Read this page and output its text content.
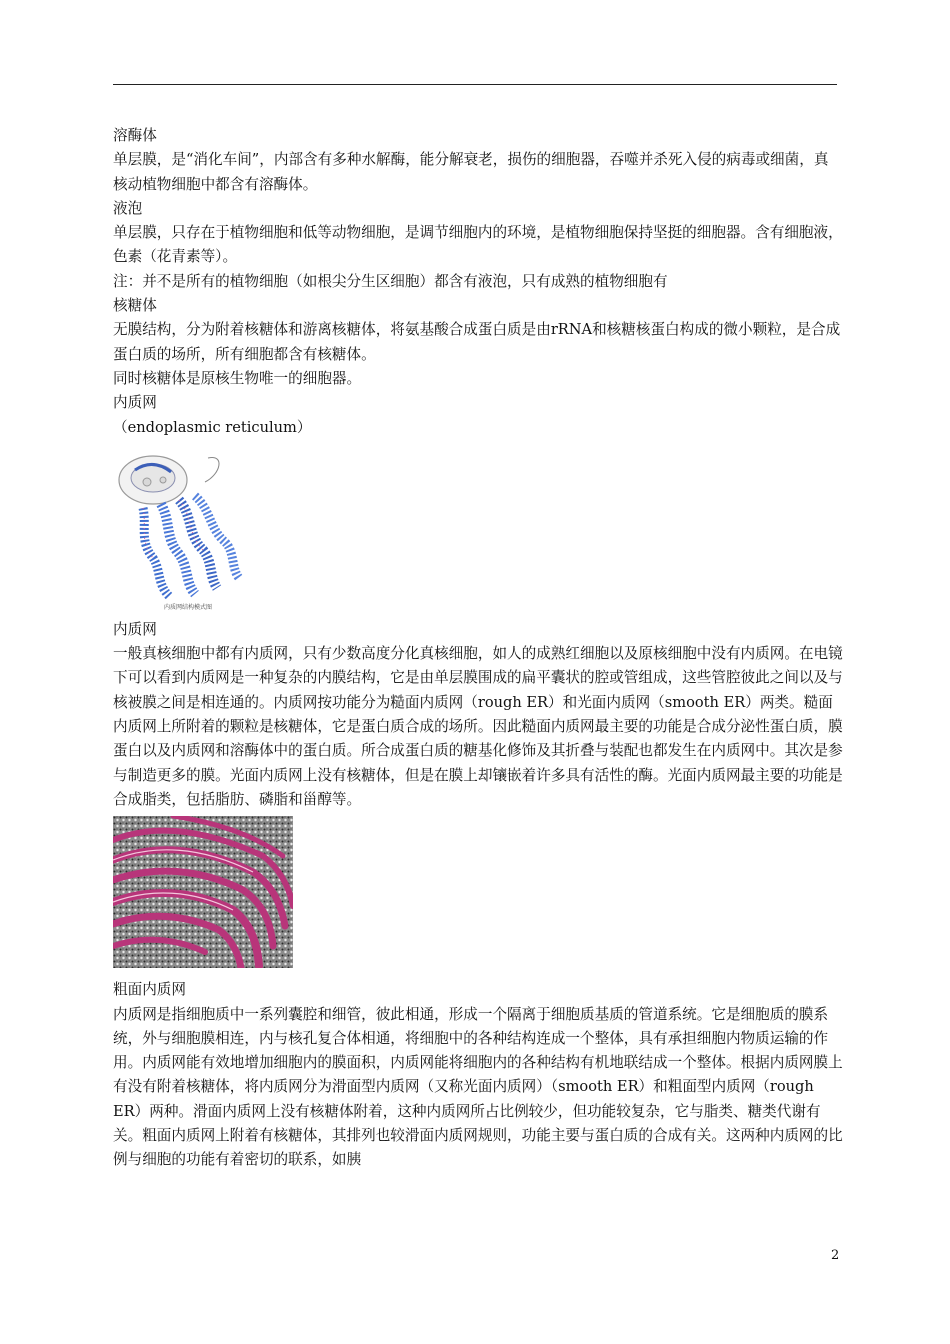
溶酶体

单层膜，是“消化车间”，内部含有多种水解酶，能分解衰老，损伤的细胞器，吞噬并杀死入侵的病毒或细菌，真核动植物细胞中都含有溶酶体。

液泡

单层膜，只存在于植物细胞和低等动物细胞，是调节细胞内的环境，是植物细胞保持坚挺的细胞器。含有细胞液，色素（花青素等）。

注：并不是所有的植物细胞（如根尖分生区细胞）都含有液泡，只有成熟的植物细胞有

核糖体

无膜结构，分为附着核糖体和游离核糖体，将氨基酸合成蛋白质是由rRNA和核糖核蛋白构成的微小颗粒，是合成蛋白质的场所，所有细胞都含有核糖体。

同时核糖体是原核生物唯一的细胞器。

内质网

（endoplasmic reticulum）

内质网结构模式图

内质网

一般真核细胞中都有内质网，只有少数高度分化真核细胞，如人的成熟红细胞以及原核细胞中没有内质网。在电镜下可以看到内质网是一种复杂的内膜结构，它是由单层膜围成的扁平囊状的腔或管组成，这些管腔彼此之间以及与核被膜之间是相连通的。内质网按功能分为糙面内质网（rough ER）和光面内质网（smooth ER）两类。糙面内质网上所附着的颗粒是核糖体，它是蛋白质合成的场所。因此糙面内质网最主要的功能是合成分泌性蛋白质，膜蛋白以及内质网和溶酶体中的蛋白质。所合成蛋白质的糖基化修饰及其折叠与装配也都发生在内质网中。其次是参与制造更多的膜。光面内质网上没有核糖体，但是在膜上却镶嵌着许多具有活性的酶。光面内质网最主要的功能是合成脂类，包括脂肪、磷脂和甾醇等。

粗面内质网

内质网是指细胞质中一系列囊腔和细管，彼此相通，形成一个隔离于细胞质基质的管道系统。它是细胞质的膜系统，外与细胞膜相连，内与核孔复合体相通，将细胞中的各种结构连成一个整体，具有承担细胞内物质运输的作用。内质网能有效地增加细胞内的膜面积，内质网能将细胞内的各种结构有机地联结成一个整体。根据内质网膜上有没有附着核糖体，将内质网分为滑面型内质网（又称光面内质网）（smooth ER）和粗面型内质网（rough ER）两种。滑面内质网上没有核糖体附着，这种内质网所占比例较少，但功能较复杂，它与脂类、糖类代谢有关。粗面内质网上附着有核糖体，其排列也较滑面内质网规则，功能主要与蛋白质的合成有关。这两种内质网的比例与细胞的功能有着密切的联系，如胰

2
